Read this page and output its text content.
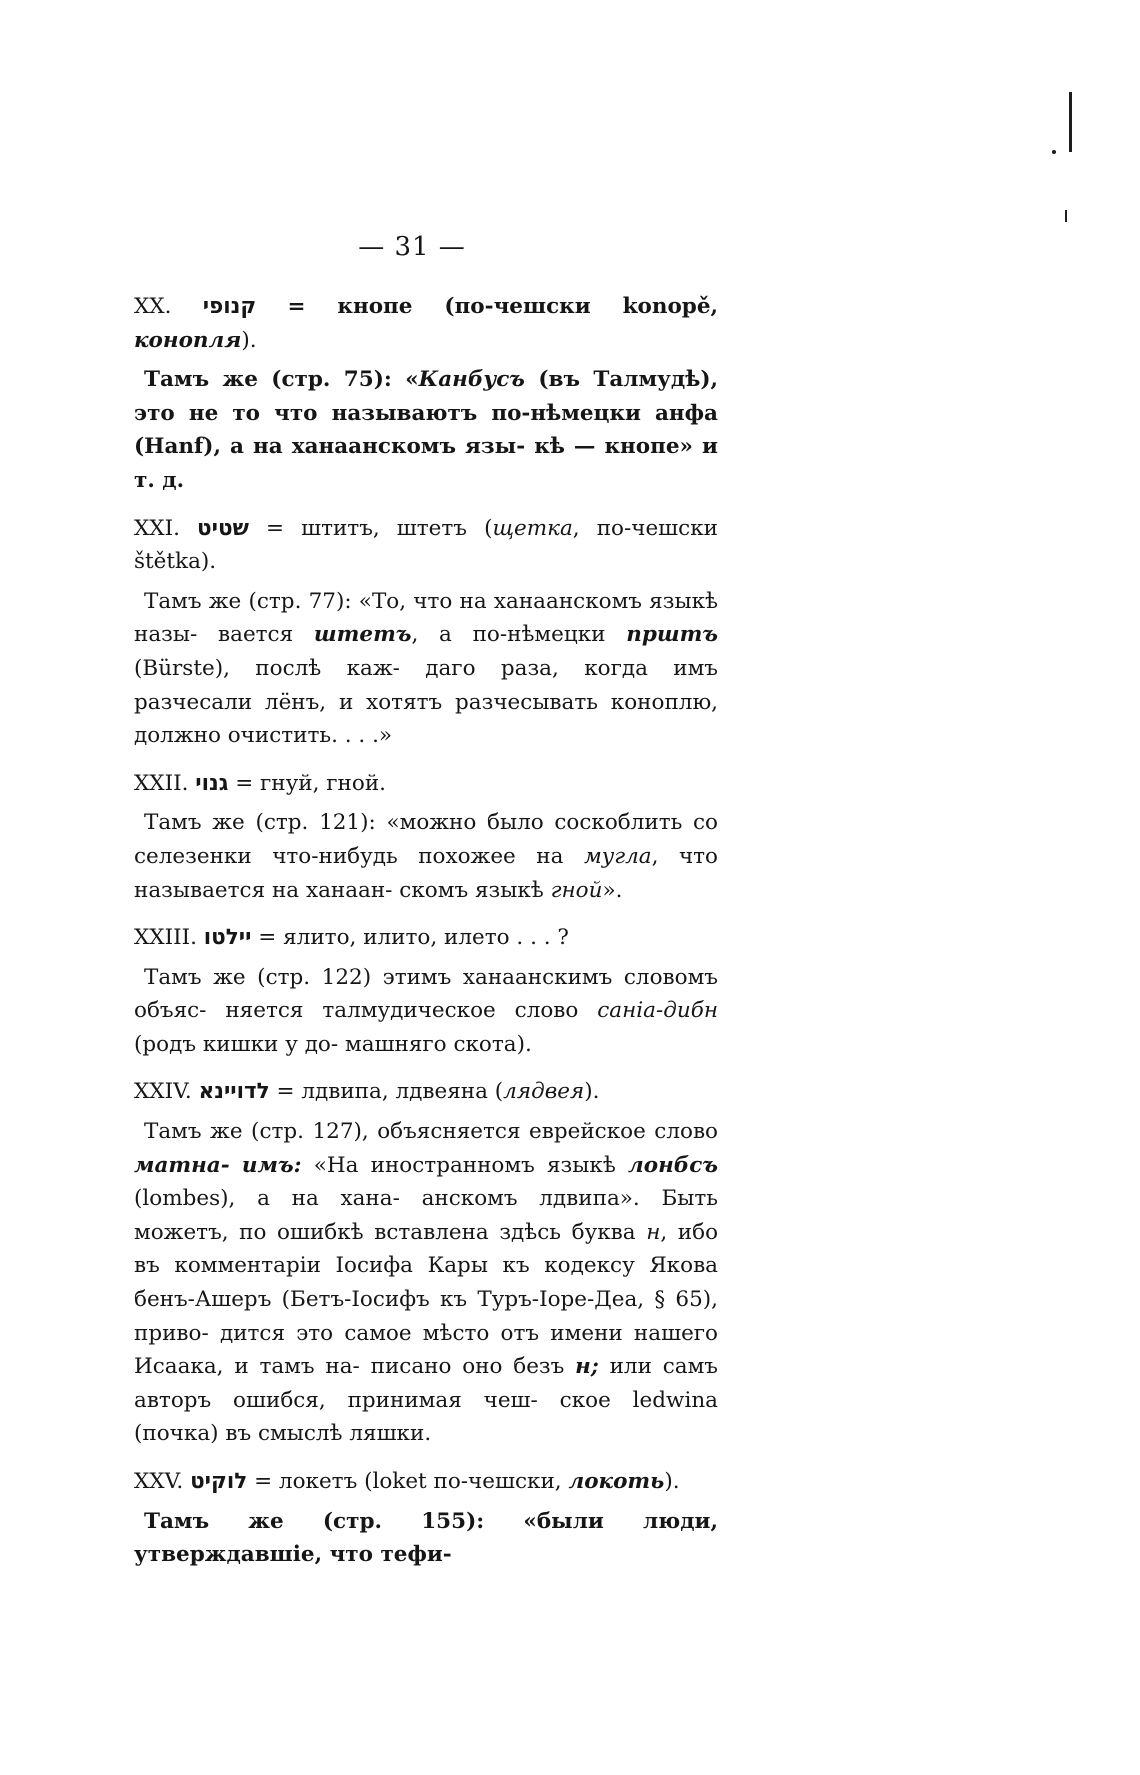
— 31 —

XX. קנופי = кнопе (по-чешски konopě, конопля).

Тамъ же (стр. 75): «Канбусъ (въ Талмудѣ), это не то что называютъ по-нѣмецки анфа (Hanf), а на ханаанскомъ язы- кѣ — кнопе» и т. д.

XXI. שטיט = штитъ, штетъ (щетка, по-чешски štětka).

Тамъ же (стр. 77): «То, что на ханаанскомъ языкѣ назы- вается штетъ, а по-нѣмецки прштъ (Bürste), послѣ каж- даго раза, когда имъ разчесали лёнъ, и хотятъ разчесывать коноплю, должно очистить. . . .»

XXII. גנוי = гнуй, гной.

Тамъ же (стр. 121): «можно было соскоблить со селезенки что-нибудь похожее на мугла, что называется на ханаан- скомъ языкѣ гной».

XXIII. יילטו = ялито, илито, илето . . . ?

Тамъ же (стр. 122) этимъ ханаанскимъ словомъ объяс- няется талмудическое слово саніа-дибн (родъ кишки у до- машняго скота).

XXIV. לדויינא = лдвипа, лдвеяна (лядвея).

Тамъ же (стр. 127), объясняется еврейское слово матна- имъ: «На иностранномъ языкѣ лонбсъ (lombes), а на хана- анскомъ лдвипа». Быть можетъ, по ошибкѣ вставлена здѣсь буква н, ибо въ комментаріи Іосифа Кары къ кодексу Якова бенъ-Ашеръ (Бетъ-Іосифъ къ Туръ-Іоре-Деа, § 65), приво- дится это самое мѣсто отъ имени нашего Исаака, и тамъ на- писано оно безъ н; или самъ авторъ ошибся, принимая чеш- ское ledwina (почка) въ смыслѣ ляшки.

XXV. לוקיט = локетъ (loket по-чешски, локоть).

Тамъ же (стр. 155): «были люди, утверждавшіе, что тефи-
